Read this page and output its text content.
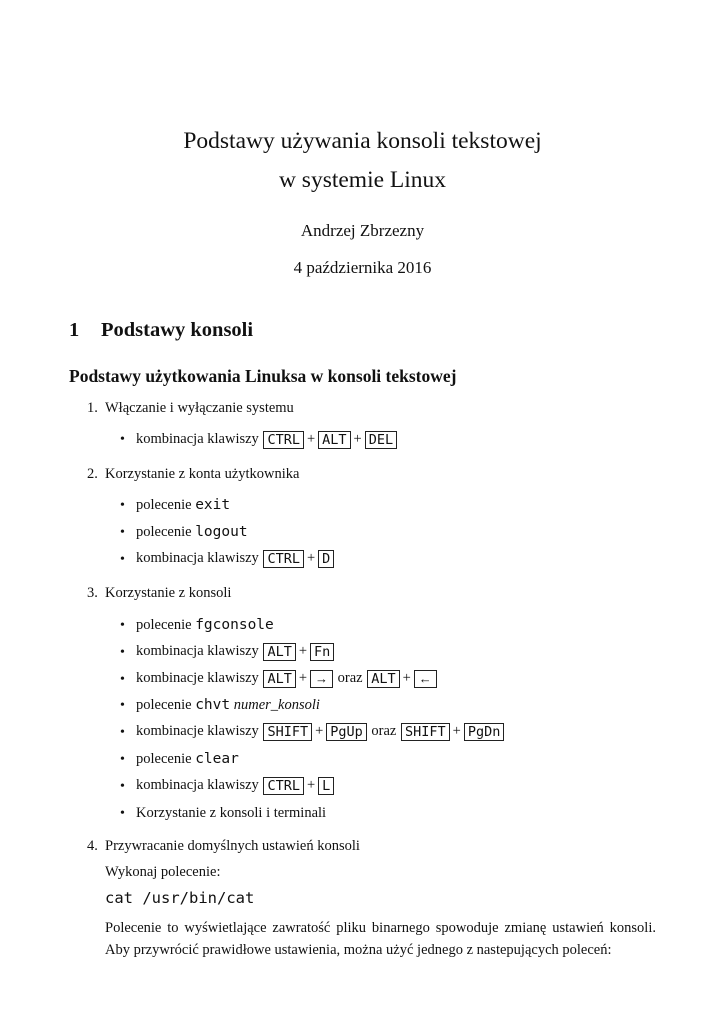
Podstawy używania konsoli tekstowej
w systemie Linux
Andrzej Zbrzezny
4 października 2016
1 Podstawy konsoli
Podstawy użytkowania Linuksa w konsoli tekstowej
1. Włączanie i wyłączanie systemu
• kombinacja klawiszy CTRL + ALT + DEL
2. Korzystanie z konta użytkownika
• polecenie exit
• polecenie logout
• kombinacja klawiszy CTRL + D
3. Korzystanie z konsoli
• polecenie fgconsole
• kombinacja klawiszy ALT + Fn
• kombinacje klawiszy ALT + → oraz ALT + ←
• polecenie chvt numer_konsoli
• kombinacje klawiszy SHIFT + PgUp oraz SHIFT + PgDn
• polecenie clear
• kombinacja klawiszy CTRL + L
• Korzystanie z konsoli i terminali
4. Przywracanie domyślnych ustawień konsoli
Wykonaj polecenie:
cat /usr/bin/cat
Polecenie to wyświetlające zawratość pliku binarnego spowoduje zmianę ustawień konsoli. Aby przywrócić prawidłowe ustawienia, można użyć jednego z nastepujących poleceń:
